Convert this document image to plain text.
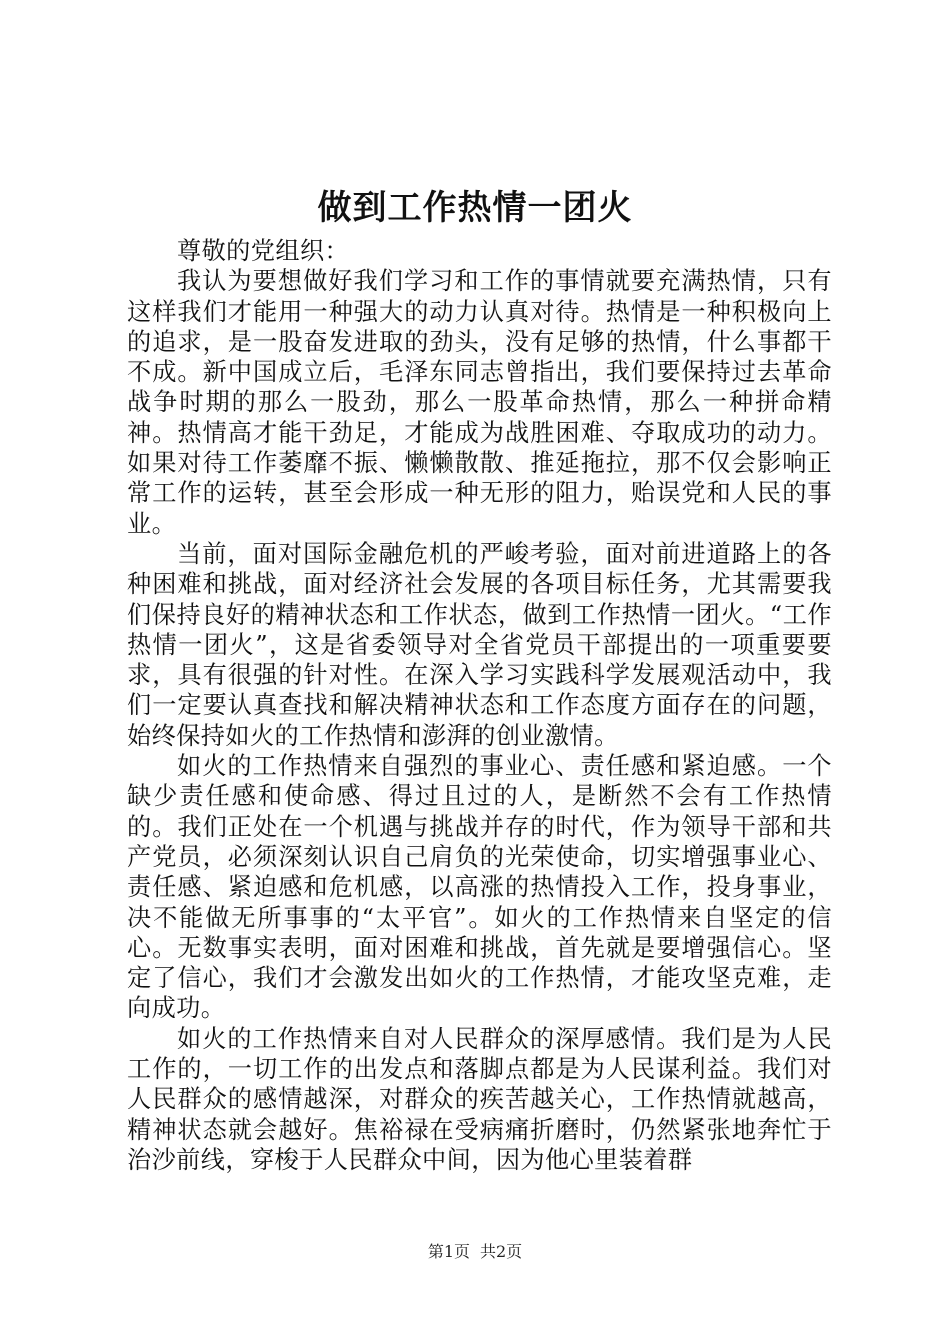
做到工作热情一团火

尊敬的党组织：

我认为要想做好我们学习和工作的事情就要充满热情，只有这样我们才能用一种强大的动力认真对待。热情是一种积极向上的追求，是一股奋发进取的劲头，没有足够的热情，什么事都干不成。新中国成立后，毛泽东同志曾指出，我们要保持过去革命战争时期的那么一股劲，那么一股革命热情，那么一种拼命精神。热情高才能干劲足，才能成为战胜困难、夺取成功的动力。如果对待工作萎靡不振、懒懒散散、推延拖拉，那不仅会影响正常工作的运转，甚至会形成一种无形的阻力，贻误党和人民的事业。

当前，面对国际金融危机的严峻考验，面对前进道路上的各种困难和挑战，面对经济社会发展的各项目标任务，尤其需要我们保持良好的精神状态和工作状态，做到工作热情一团火。“工作热情一团火”，这是省委领导对全省党员干部提出的一项重要要求，具有很强的针对性。在深入学习实践科学发展观活动中，我们一定要认真查找和解决精神状态和工作态度方面存在的问题，始终保持如火的工作热情和澎湃的创业激情。

如火的工作热情来自强烈的事业心、责任感和紧迫感。一个缺少责任感和使命感、得过且过的人，是断然不会有工作热情的。我们正处在一个机遇与挑战并存的时代，作为领导干部和共产党员，必须深刻认识自己肩负的光荣使命，切实增强事业心、责任感、紧迫感和危机感，以高涨的热情投入工作，投身事业，决不能做无所事事的“太平官”。如火的工作热情来自坚定的信心。无数事实表明，面对困难和挑战，首先就是要增强信心。坚定了信心，我们才会激发出如火的工作热情，才能攻坚克难，走向成功。

如火的工作热情来自对人民群众的深厚感情。我们是为人民工作的，一切工作的出发点和落脚点都是为人民谋利益。我们对人民群众的感情越深，对群众的疾苦越关心，工作热情就越高，精神状态就会越好。焦裕禄在受病痛折磨时，仍然紧张地奔忙于治沙前线，穿梭于人民群众中间，因为他心里装着群

第1页 共2页
